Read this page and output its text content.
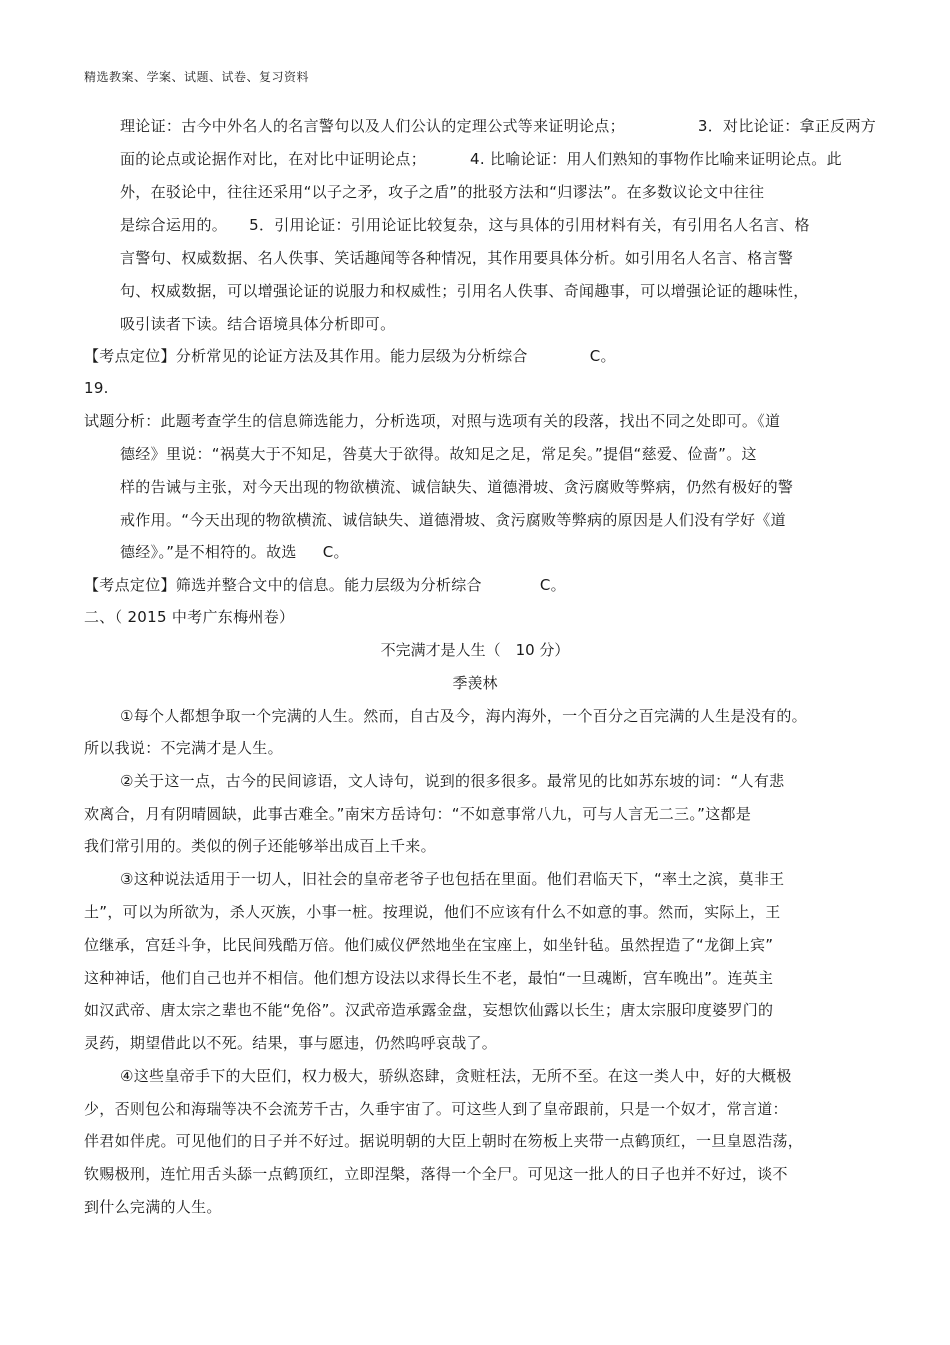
精选教案、学案、试题、试卷、复习资料
理论证：古今中外名人的名言警句以及人们公认的定理公式等来证明论点；	3．对比论证：拿正反两方
面的论点或论据作对比，在对比中证明论点；	4. 比喻论证：用人们熟知的事物作比喻来证明论点。此
外，在驳论中，往往还采用“以子之矛，攻子之盾”的批驳方法和“归谬法”。在多数议论文中往往
是综合运用的。 5．引用论证：引用论证比较复杂，这与具体的引用材料有关，有引用名人名言、格
言警句、权威数据、名人佚事、笑话趣闻等各种情况，其作用要具体分析。如引用名人名言、格言警
句、权威数据，可以增强论证的说服力和权威性；引用名人佚事、奇闻趣事，可以增强论证的趣味性，
吸引读者下读。结合语境具体分析即可。
【考点定位】分析常见的论证方法及其作用。能力层级为分析综合	C。
19.
试题分析：此题考查学生的信息筛选能力，分析选项，对照与选项有关的段落，找出不同之处即可。《道
德经》里说：“祸莫大于不知足，咎莫大于欲得。故知足之足，常足矣。”提倡“慈爱、俭啬”。这
样的告诫与主张，对今天出现的物欲横流、诚信缺失、道德滑坡、贪污腐败等弊病，仍然有极好的警
戒作用。“今天出现的物欲横流、诚信缺失、道德滑坡、贪污腐败等弊病的原因是人们没有学好《道
德经》。”是不相符的。故选 C。
【考点定位】筛选并整合文中的信息。能力层级为分析综合	C。
二、（ 2015 中考广东梅州卷）
不完满才是人生（　10 分）
季羡林
①每个人都想争取一个完满的人生。然而，自古及今，海内海外，一个百分之百完满的人生是没有的。
所以我说：不完满才是人生。
②关于这一点，古今的民间谚语，文人诗句，说到的很多很多。最常见的比如苏东坡的词：“人有悲
欢离合，月有阴晴圆缺，此事古难全。”南宋方岳诗句：“不如意事常八九，可与人言无二三。”这都是
我们常引用的。类似的例子还能够举出成百上千来。
③这种说法适用于一切人，旧社会的皇帝老爷子也包括在里面。他们君临天下，“率土之滨，莫非王
土”，可以为所欲为，杀人灭族，小事一桩。按理说，他们不应该有什么不如意的事。然而，实际上，王
位继承，宫廷斗争，比民间残酷万倍。他们威仪俨然地坐在宝座上，如坐针毡。虽然捏造了“龙御上宾”
这种神话，他们自己也并不相信。他们想方设法以求得长生不老，最怕“一旦魂断，宫车晚出”。连英主
如汉武帝、唐太宗之辈也不能“免俗”。汉武帝造承露金盘，妄想饮仙露以长生；唐太宗服印度婆罗门的
灵药，期望借此以不死。结果，事与愿违，仍然呜呼哀哉了。
④这些皇帝手下的大臣们，权力极大，骄纵恣肆，贪赃枉法，无所不至。在这一类人中，好的大概极
少，否则包公和海瑞等决不会流芳千古，久垂宇宙了。可这些人到了皇帝跟前，只是一个奴才，常言道：
伴君如伴虎。可见他们的日子并不好过。据说明朝的大臣上朝时在笏板上夹带一点鹤顶红，一旦皇恩浩荡，
钦赐极刑，连忙用舌头舔一点鹤顶红，立即涅槃，落得一个全尸。可见这一批人的日子也并不好过，谈不
到什么完满的人生。
